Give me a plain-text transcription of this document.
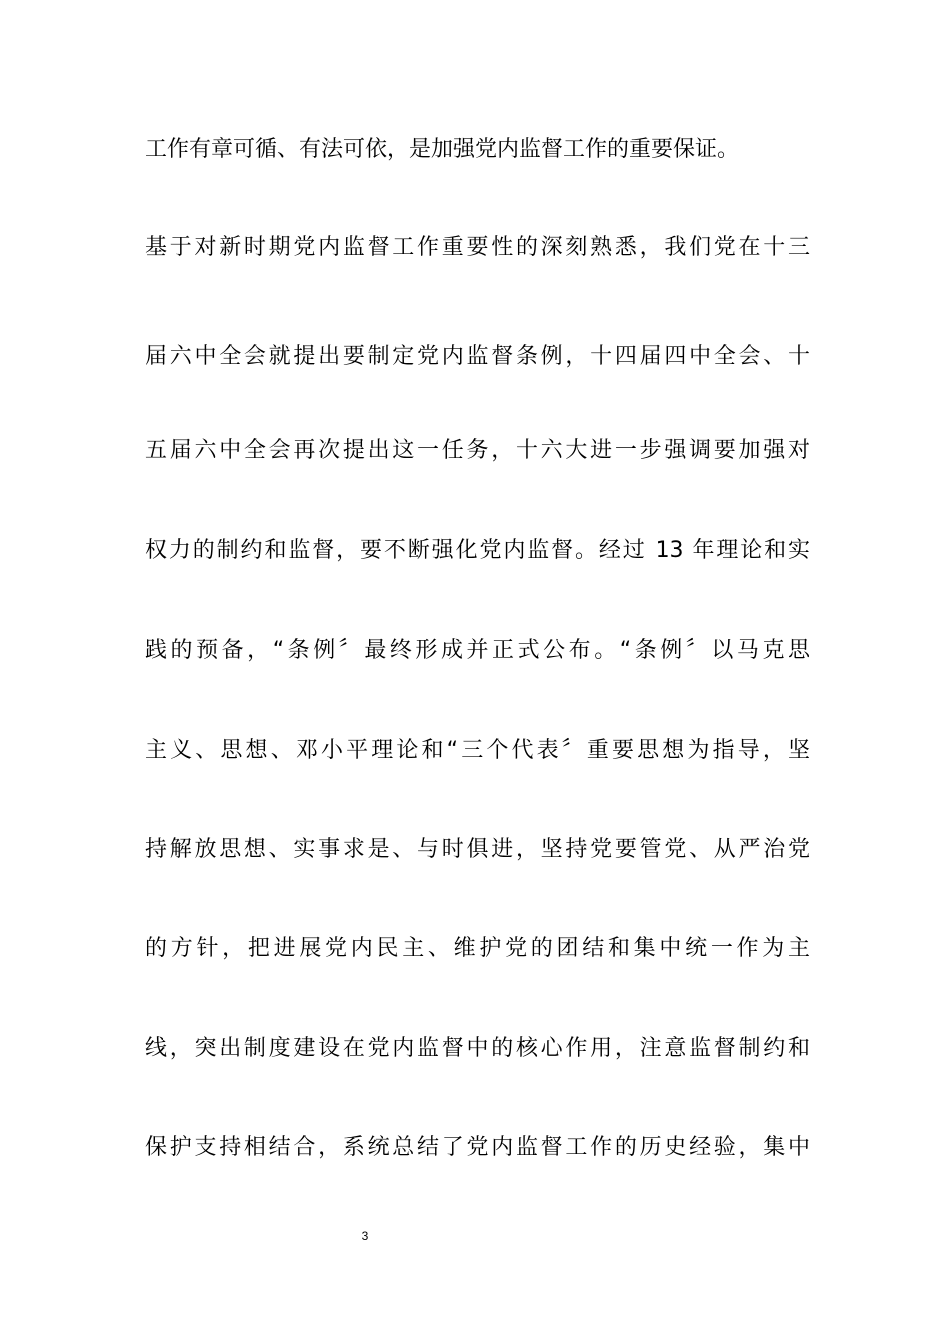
工作有章可循、有法可依，是加强党内监督工作的重要保证。
基于对新时期党内监督工作重要性的深刻熟悉，我们党在十三
届六中全会就提出要制定党内监督条例，十四届四中全会、十
五届六中全会再次提出这一任务，十六大进一步强调要加强对
权力的制约和监督，要不断强化党内监督。经过 13 年理论和实
践的预备，“条例〞最终形成并正式公布。“条例〞以马克思
主义、思想、邓小平理论和“三个代表〞重要思想为指导，坚
持解放思想、实事求是、与时俱进，坚持党要管党、从严治党
的方针，把进展党内民主、维护党的团结和集中统一作为主
线，突出制度建设在党内监督中的核心作用，注意监督制约和
保护支持相结合，系统总结了党内监督工作的历史经验，集中
3
